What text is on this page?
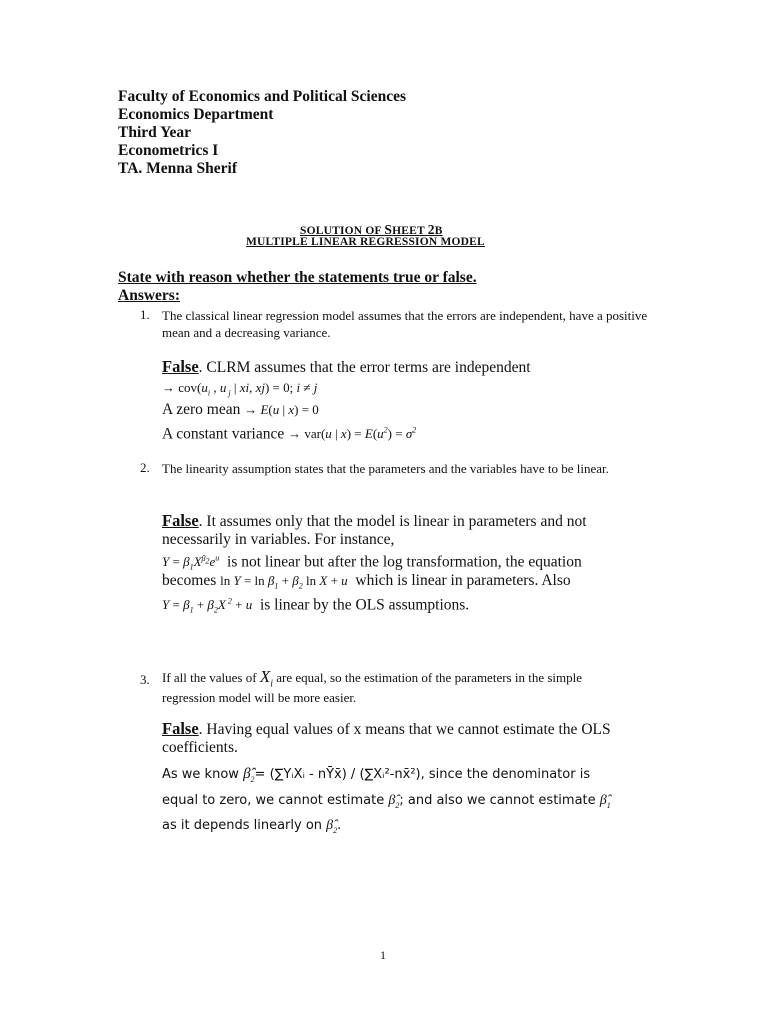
Faculty of Economics and Political Sciences
Economics Department
Third Year
Econometrics I
TA. Menna Sherif
SOLUTION OF SHEET 2B
MULTIPLE LINEAR REGRESSION MODEL
State with reason whether the statements true or false.
Answers:
1. The classical linear regression model assumes that the errors are independent, have a positive mean and a decreasing variance.
False. CLRM assumes that the error terms are independent
→ $cov(u_i$ , u $_j$ | xi, xj) = 0; i ≠ j
A zero mean → E(u | x) = 0
A constant variance → var(u | $x) = E(u^2) = \sigma^2$
2. The linearity assumption states that the parameters and the variables have to be linear.
False. It assumes only that the model is linear in parameters and not
necessarily in variables. For instance,
$Y = \beta_1X^{\beta_2}e^u$ is not linear but after the log transformation, the equation
becomes $\ln Y = \ln \beta_1 + \beta_2$ ln X + u which is linear in parameters. Also
$Y = \beta_1 + \beta_2X$ $^2$ + u is linear by the OLS assumptions.
3. If all the values of $X_i$ are equal, so the estimation of the parameters in the simple
regression model will be more easier.
False. Having equal values of x means that we cannot estimate the OLS
coefficients.
As we know $\betâ_2=$ (∑YᵢXᵢ - nȲx̄) / (∑Xᵢ²-nx̄²), since the denominator is
equal to zero, we cannot estimate $\betâ_2$; and also we cannot estimate $\betâ_1$
as it depends linearly on $\betâ_2$.
1
